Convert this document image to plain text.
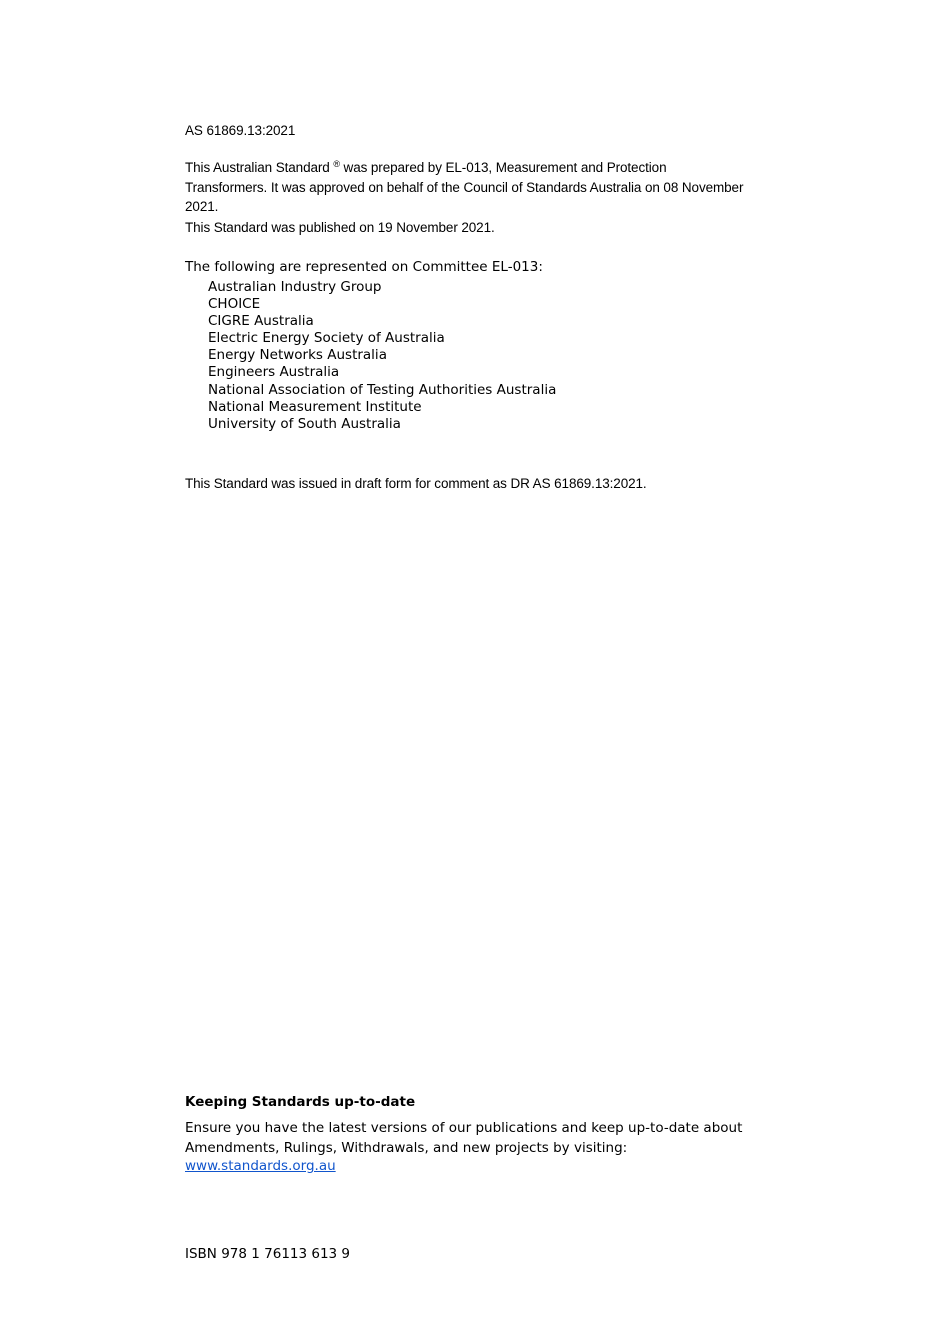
AS 61869.13:2021

This Australian Standard ® was prepared by EL-013, Measurement and Protection Transformers. It was approved on behalf of the Council of Standards Australia on 08 November 2021.

This Standard was published on 19 November 2021.

The following are represented on Committee EL-013:

Australian Industry Group
CHOICE
CIGRE Australia
Electric Energy Society of Australia
Energy Networks Australia
Engineers Australia
National Association of Testing Authorities Australia
National Measurement Institute
University of South Australia

This Standard was issued in draft form for comment as DR AS 61869.13:2021.

Keeping Standards up-to-date

Ensure you have the latest versions of our publications and keep up-to-date about
Amendments, Rulings, Withdrawals, and new projects by visiting:

www.standards.org.au

ISBN 978 1 76113 613 9
